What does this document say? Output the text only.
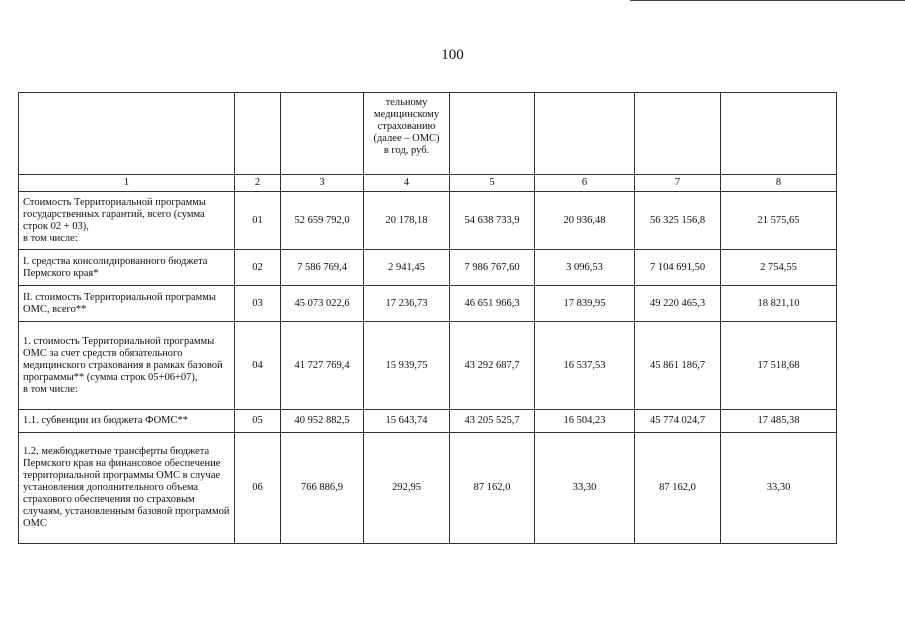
100

			тельному
медицинскому
страхованию
(далее – ОМС)
в год, руб.				

1	2	3	4	5	6	7	8
Стоимость Территориальной программы государственных гарантий, всего (сумма строк 02 + 03),
в том числе:	01	52 659 792,0	20 178,18	54 638 733,9	20 936,48	56 325 156,8	21 575,65
I. средства консолидированного бюджета Пермского края*	02	7 586 769,4	2 941,45	7 986 767,60	3 096,53	7 104 691,50	2 754,55
II. стоимость Территориальной программы ОМС, всего**	03	45 073 022,6	17 236,73	46 651 966,3	17 839,95	49 220 465,3	18 821,10
1. стоимость Территориальной программы ОМС за счет средств обязательного медицинского страхования в рамках базовой программы** (сумма строк 05+06+07),
в том числе:	04	41 727 769,4	15 939,75	43 292 687,7	16 537,53	45 861 186,7	17 518,68
1.1. субвенции из бюджета ФОМС**	05	40 952 882,5	15 643,74	43 205 525,7	16 504,23	45 774 024,7	17 485,38
1.2. межбюджетные трансферты бюджета Пермского края на финансовое обеспечение территориальной программы ОМС в случае установления дополнительного объема страхового обеспечения по страховым случаям, установленным базовой программой ОМС	06	766 886,9	292,95	87 162,0	33,30	87 162,0	33,30
